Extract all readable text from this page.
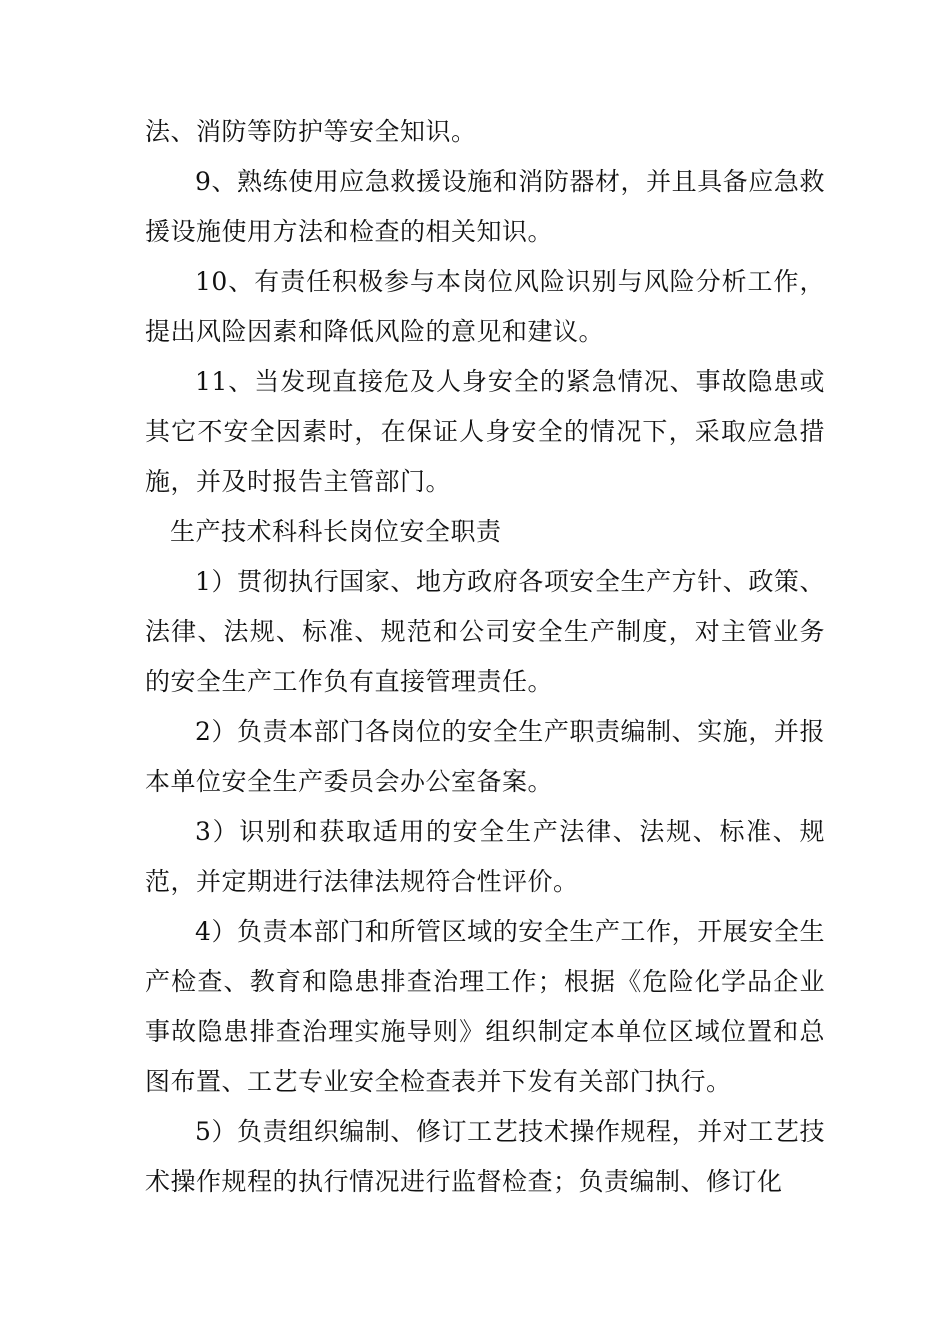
法、消防等防护等安全知识。

9、熟练使用应急救援设施和消防器材，并且具备应急救援设施使用方法和检查的相关知识。

10、有责任积极参与本岗位风险识别与风险分析工作，提出风险因素和降低风险的意见和建议。

11、当发现直接危及人身安全的紧急情况、事故隐患或其它不安全因素时，在保证人身安全的情况下，采取应急措施，并及时报告主管部门。

生产技术科科长岗位安全职责

1）贯彻执行国家、地方政府各项安全生产方针、政策、法律、法规、标准、规范和公司安全生产制度，对主管业务的安全生产工作负有直接管理责任。

2）负责本部门各岗位的安全生产职责编制、实施，并报本单位安全生产委员会办公室备案。

3）识别和获取适用的安全生产法律、法规、标准、规范，并定期进行法律法规符合性评价。

4）负责本部门和所管区域的安全生产工作，开展安全生产检查、教育和隐患排查治理工作；根据《危险化学品企业事故隐患排查治理实施导则》组织制定本单位区域位置和总图布置、工艺专业安全检查表并下发有关部门执行。

5）负责组织编制、修订工艺技术操作规程，并对工艺技术操作规程的执行情况进行监督检查；负责编制、修订化
